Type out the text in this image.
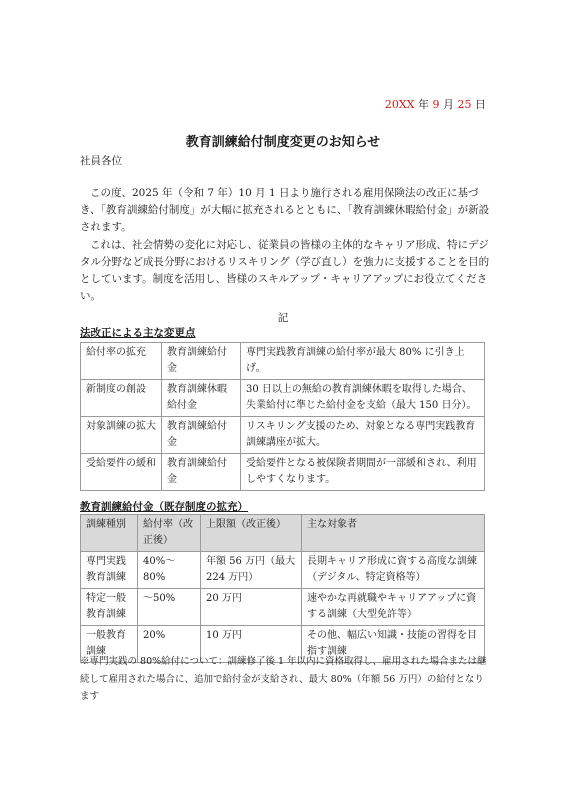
20XX 年 9 月 25 日
教育訓練給付制度変更のお知らせ
社員各位

この度、2025 年（令和 7 年）10 月 1 日より施行される雇用保険法の改正に基づき、「教育訓練給付制度」が大幅に拡充されるとともに、「教育訓練休暇給付金」が新設されます。

これは、社会情勢の変化に対応し、従業員の皆様の主体的なキャリア形成、特にデジタル分野など成長分野におけるリスキリング（学び直し）を強力に支援することを目的としています。制度を活用し、皆様のスキルアップ・キャリアアップにお役立てください。

記
法改正による主な変更点
給付率の拡充	教育訓練給付金	専門実践教育訓練の給付率が最大 80% に引き上げ。
新制度の創設	教育訓練休暇給付金	30 日以上の無給の教育訓練休暇を取得した場合、失業給付に準じた給付金を支給（最大 150 日分）。
対象訓練の拡大	教育訓練給付金	リスキリング支援のため、対象となる専門実践教育訓練講座が拡大。
受給要件の緩和	教育訓練給付金	受給要件となる被保険者期間が一部緩和され、利用しやすくなります。
教育訓練給付金（既存制度の拡充）
訓練種別	給付率（改正後）	上限額（改正後）	主な対象者
専門実践教育訓練	40%～80%	年額 56 万円（最大 224 万円）	長期キャリア形成に資する高度な訓練（デジタル、特定資格等）
特定一般教育訓練	～50%	20 万円	速やかな再就職やキャリアアップに資する訓練（大型免許等）
一般教育訓練	20%	10 万円	その他、幅広い知識・技能の習得を目指す訓練
※専門実践の 80%給付について：訓練修了後 1 年以内に資格取得し、雇用された場合または継続して雇用された場合に、追加で給付金が支給され、最大 80%（年額 56 万円）の給付となります
